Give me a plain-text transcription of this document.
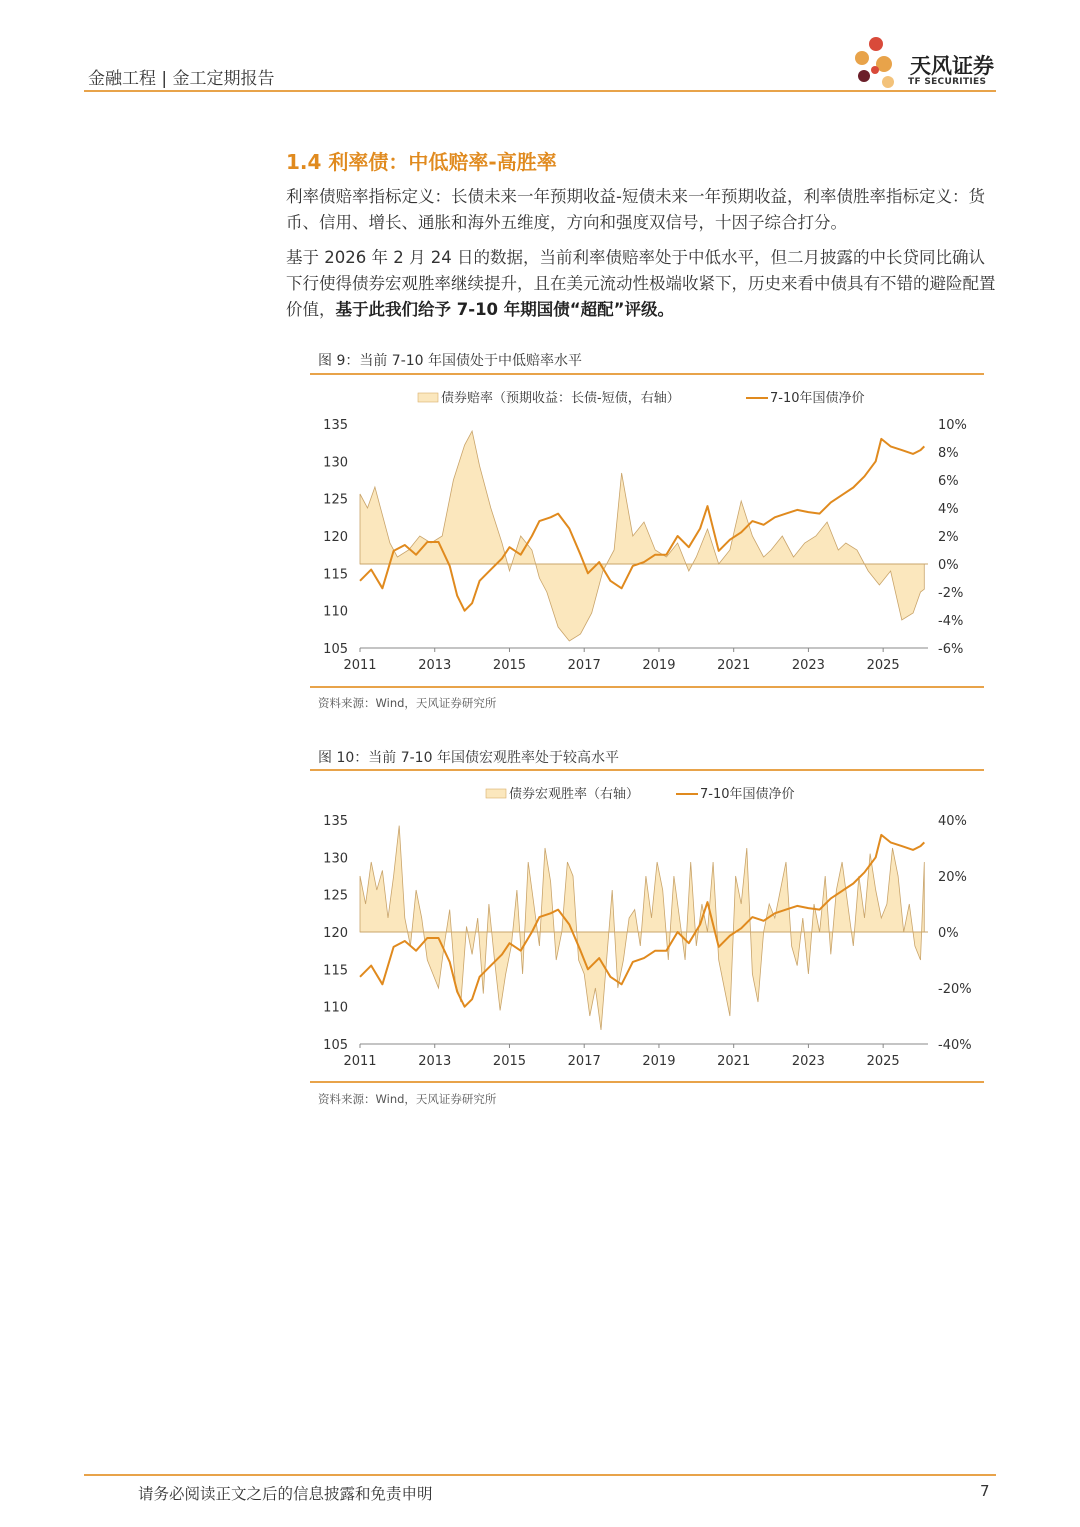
金融工程 | 金工定期报告
天风证券
TF SECURITIES
1.4 利率债：中低赔率-高胜率
利率债赔率指标定义：长债未来一年预期收益-短债未来一年预期收益，利率债胜率指标定义：货币、信用、增长、通胀和海外五维度，方向和强度双信号，十因子综合打分。
基于 2026 年 2 月 24 日的数据，当前利率债赔率处于中低水平，但二月披露的中长贷同比确认下行使得债券宏观胜率继续提升，且在美元流动性极端收紧下，历史来看中债具有不错的避险配置价值，基于此我们给予 7-10 年期国债“超配”评级。
图 9：当前 7-10 年国债处于中低赔率水平
债券赔率（预期收益：长债-短债，右轴）	7-10年国债净价
135
130
125
120
115
110
105
10%
8%
6%
4%
2%
0%
-2%
-4%
-6%
2011	2013	2015	2017	2019	2021	2023	2025
资料来源：Wind，天风证券研究所
图 10：当前 7-10 年国债宏观胜率处于较高水平
债券宏观胜率（右轴）	7-10年国债净价
135
130
125
120
115
110
105
40%
20%
0%
-20%
-40%
2011	2013	2015	2017	2019	2021	2023	2025
资料来源：Wind，天风证券研究所
请务必阅读正文之后的信息披露和免责申明	7
